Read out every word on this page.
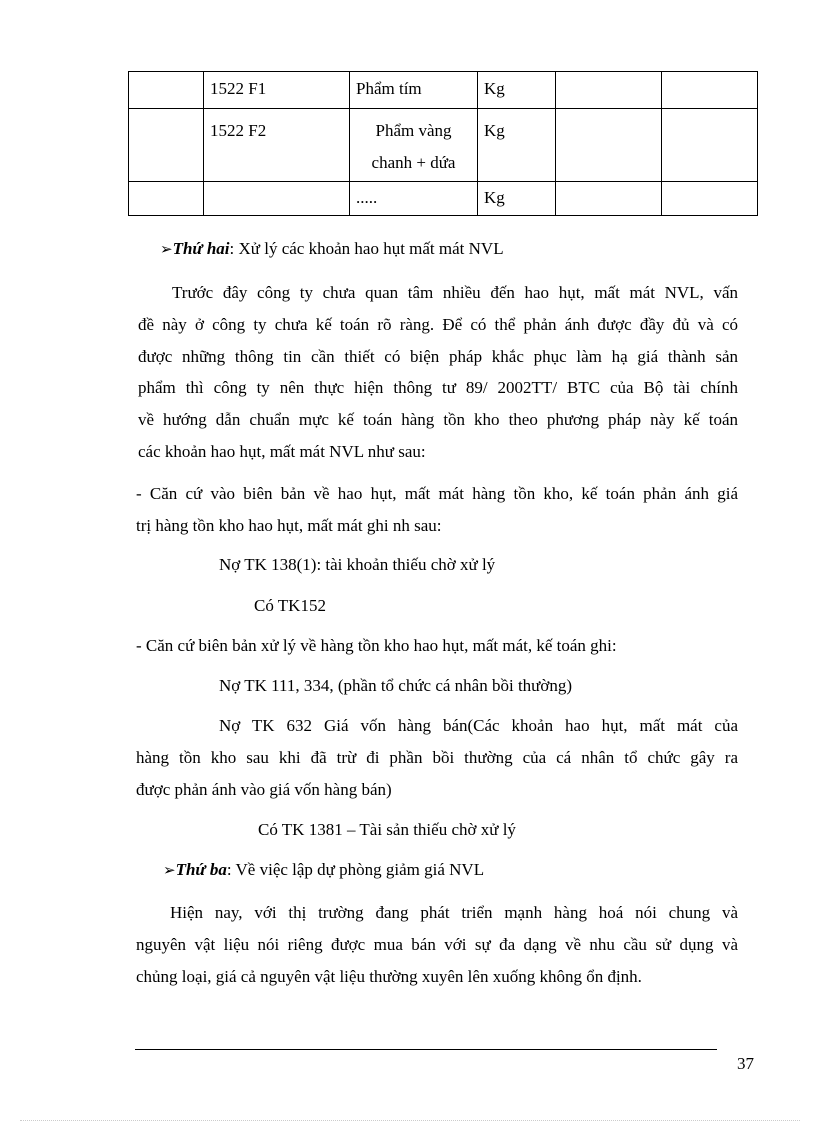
	1522 F1	Phẩm tím	Kg		
	1522 F2	Phẩm vàng chanh + dứa	Kg		
		.....	Kg		
➢Thứ hai: Xử lý các khoản hao hụt mất mát NVL
Trước đây công ty chưa quan tâm nhiều đến hao hụt, mất mát NVL, vấn
đề này ở công ty chưa kế toán rõ ràng. Để có thể phản ánh được đầy đủ và có
được những thông tin cần thiết có biện pháp khắc phục làm hạ giá thành sản
phẩm thì công ty nên thực hiện thông tư 89/ 2002TT/ BTC của Bộ tài chính
về hướng dẫn chuẩn mực kế toán hàng tồn kho theo phương pháp này kế toán
các khoản hao hụt, mất mát NVL như sau:
- Căn cứ vào biên bản về hao hụt, mất mát hàng tồn kho, kế toán phản ánh giá
trị hàng tồn kho hao hụt, mất mát ghi nh sau:
Nợ TK 138(1): tài khoản thiếu chờ xử lý
Có TK152
- Căn cứ biên bản xử lý về hàng tồn kho hao hụt, mất mát, kế toán ghi:
Nợ TK 111, 334, (phần tổ chức cá nhân bồi thường)
Nợ TK 632 Giá vốn hàng bán(Các khoản hao hụt, mất mát của
hàng tồn kho sau khi đã trừ đi phần bồi thường của cá nhân tổ chức gây ra
được phản ánh vào giá vốn hàng bán)
Có TK 1381 – Tài sản thiếu chờ xử lý
➢Thứ ba: Về việc lập dự phòng giảm giá NVL
Hiện nay, với thị trường đang phát triển mạnh hàng hoá nói chung và
nguyên vật liệu nói riêng được mua bán với sự đa dạng về nhu cầu sử dụng và
chủng loại, giá cả nguyên vật liệu thường xuyên lên xuống không ổn định.
37
